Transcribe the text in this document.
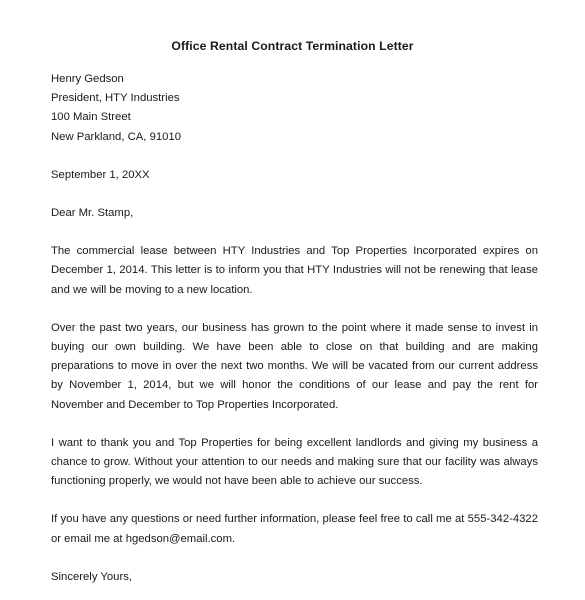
Office Rental Contract Termination Letter
Henry Gedson
President, HTY Industries
100 Main Street
New Parkland, CA, 91010
September 1, 20XX
Dear Mr. Stamp,

The commercial lease between HTY Industries and Top Properties Incorporated expires on December 1, 2014. This letter is to inform you that HTY Industries will not be renewing that lease and we will be moving to a new location.

Over the past two years, our business has grown to the point where it made sense to invest in buying our own building. We have been able to close on that building and are making preparations to move in over the next two months. We will be vacated from our current address by November 1, 2014, but we will honor the conditions of our lease and pay the rent for November and December to Top Properties Incorporated.

I want to thank you and Top Properties for being excellent landlords and giving my business a chance to grow. Without your attention to our needs and making sure that our facility was always functioning properly, we would not have been able to achieve our success.

If you have any questions or need further information, please feel free to call me at 555-342-4322 or email me at hgedson@email.com.

Sincerely Yours,
